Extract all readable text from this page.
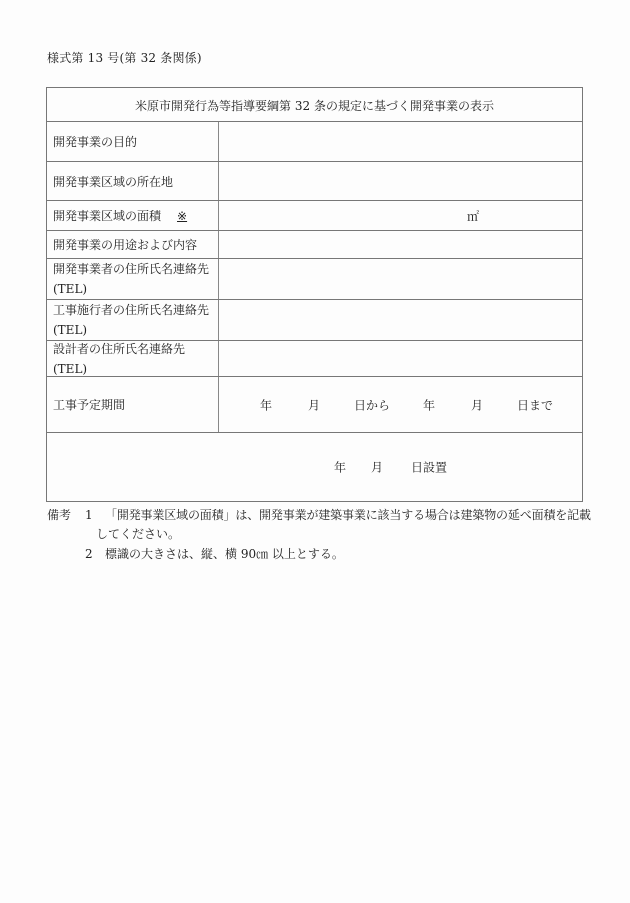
様式第 13 号(第 32 条関係)
米原市開発行為等指導要綱第 32 条の規定に基づく開発事業の表示
開発事業の目的
開発事業区域の所在地
開発事業区域の面積 ※	㎡
開発事業の用途および内容
開発事業者の住所氏名連絡先
(TEL)
工事施行者の住所氏名連絡先
(TEL)
設計者の住所氏名連絡先(TEL)
工事予定期間	年	月	日から	年	月	日まで
年 月 日設置
備考 1 「開発事業区域の面積」は、開発事業が建築事業に該当する場合は建築物の延べ面積を記載
してください。
2 標識の大きさは、縦、横 90㎝ 以上とする。
